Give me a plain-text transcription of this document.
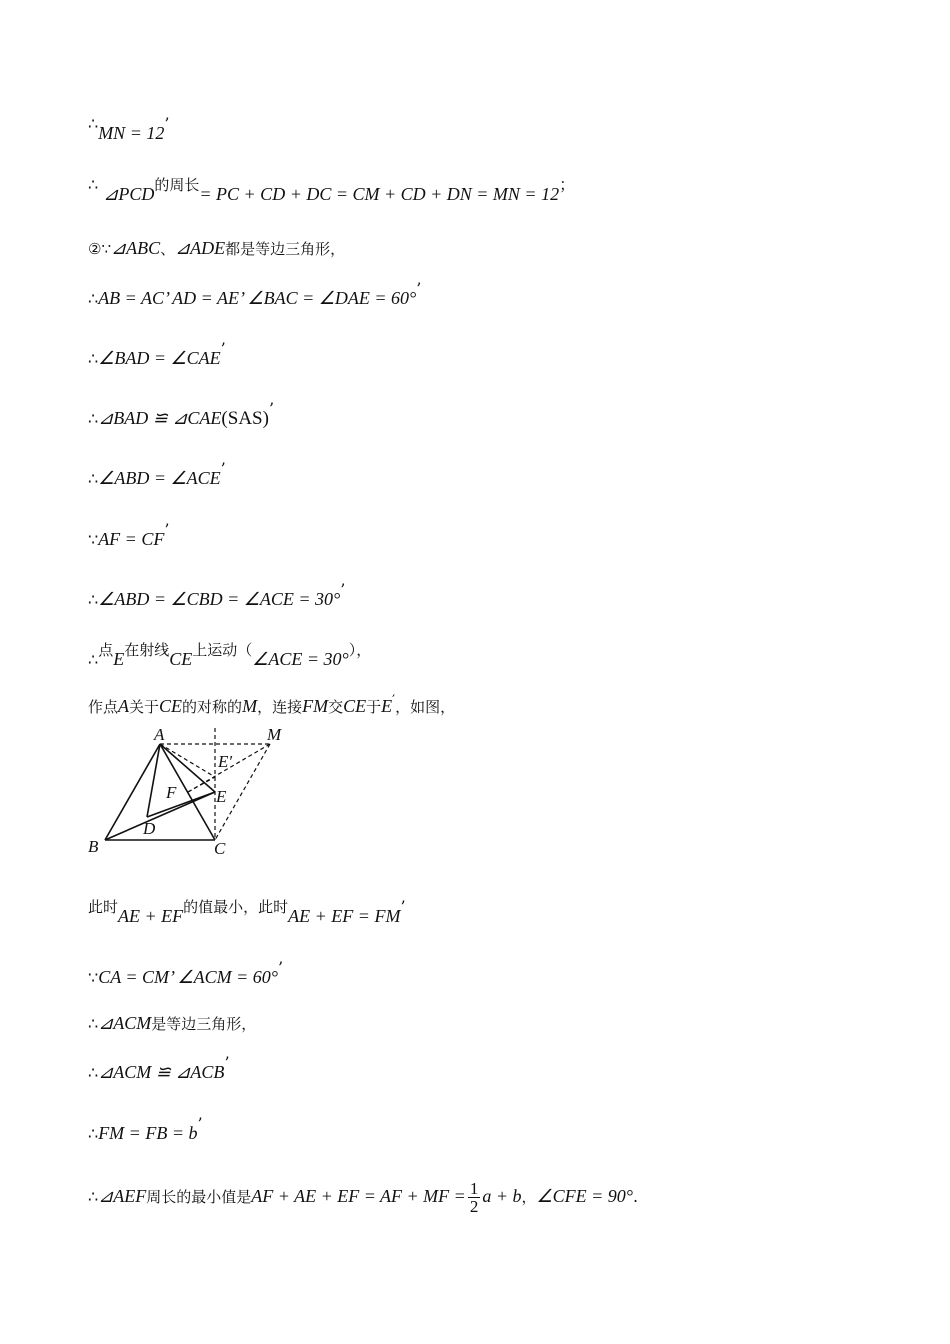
∴MN = 12’
∴ ⊿PCD的周长= PC + CD + DC = CM + CD + DN = MN = 12；
②∵⊿ABC、⊿ADE都是等边三角形，
∴AB = AC’ AD = AE’ ∠BAC = ∠DAE = 60°’
∴∠BAD = ∠CAE’
∴⊿BAD ≌ ⊿CAE(SAS)’
∴∠ABD = ∠ACE’
∵AF = CF’
∴∠ABD = ∠CBD = ∠ACE = 30°’
∴点E在射线CE上运动（∠ACE = 30°），
作点A关于CE的对称的M，连接FM交CE于E′，如图，
A	M
E′
F E
D
B	C
此时AE + EF的值最小，此时AE + EF = FM’
∵CA = CM’ ∠ACM = 60°’
∴⊿ACM是等边三角形，
∴⊿ACM ≌ ⊿ACB’
∴FM = FB = b’
∴⊿AEF周长的最小值是AF + AE + EF = AF + MF = $\frac{1}{2}$ a + b，∠CFE = 90°.
